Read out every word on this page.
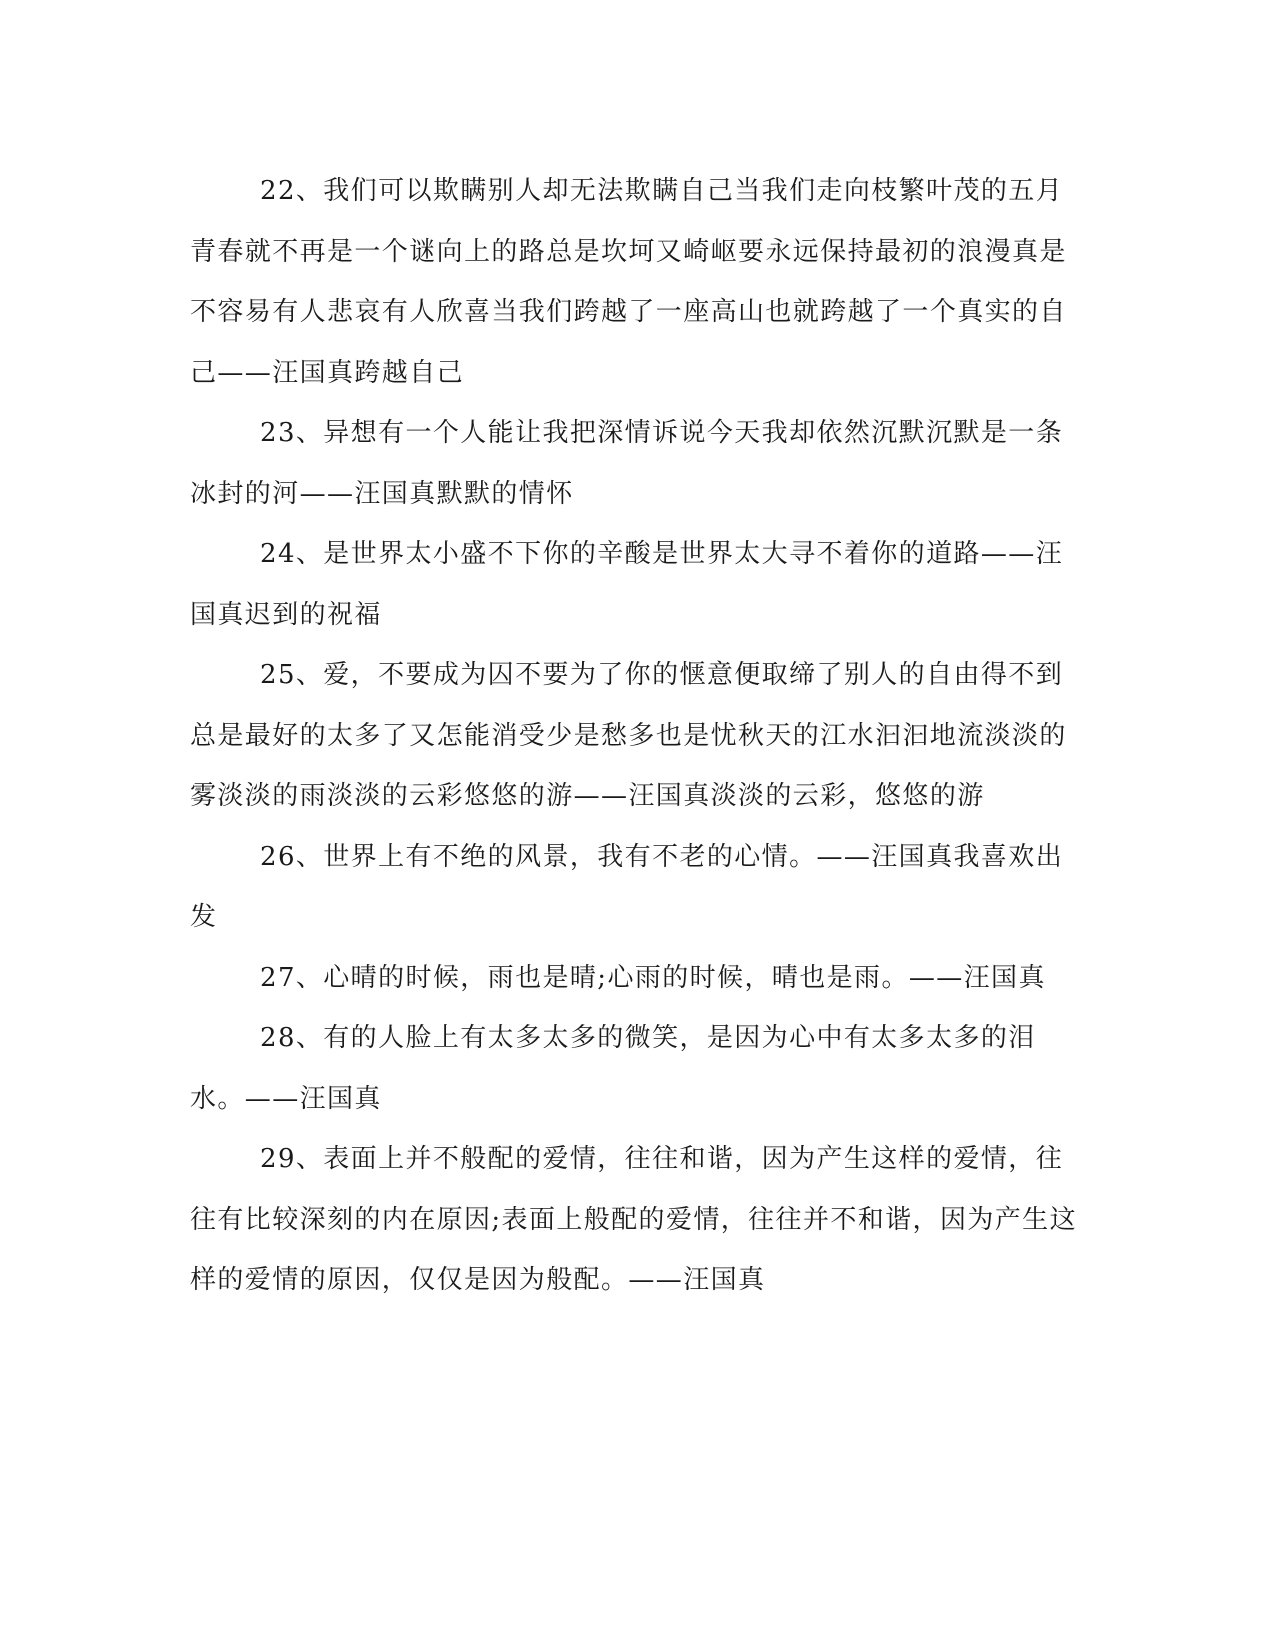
22、我们可以欺瞒别人却无法欺瞒自己当我们走向枝繁叶茂的五月青春就不再是一个谜向上的路总是坎坷又崎岖要永远保持最初的浪漫真是不容易有人悲哀有人欣喜当我们跨越了一座高山也就跨越了一个真实的自己——汪国真跨越自己

23、异想有一个人能让我把深情诉说今天我却依然沉默沉默是一条冰封的河——汪国真默默的情怀

24、是世界太小盛不下你的辛酸是世界太大寻不着你的道路——汪国真迟到的祝福

25、爱，不要成为囚不要为了你的惬意便取缔了别人的自由得不到总是最好的太多了又怎能消受少是愁多也是忧秋天的江水汩汩地流淡淡的雾淡淡的雨淡淡的云彩悠悠的游——汪国真淡淡的云彩，悠悠的游

26、世界上有不绝的风景，我有不老的心情。——汪国真我喜欢出发

27、心晴的时候，雨也是晴;心雨的时候，晴也是雨。——汪国真

28、有的人脸上有太多太多的微笑，是因为心中有太多太多的泪水。——汪国真

29、表面上并不般配的爱情，往往和谐，因为产生这样的爱情，往往有比较深刻的内在原因;表面上般配的爱情，往往并不和谐，因为产生这样的爱情的原因，仅仅是因为般配。——汪国真
